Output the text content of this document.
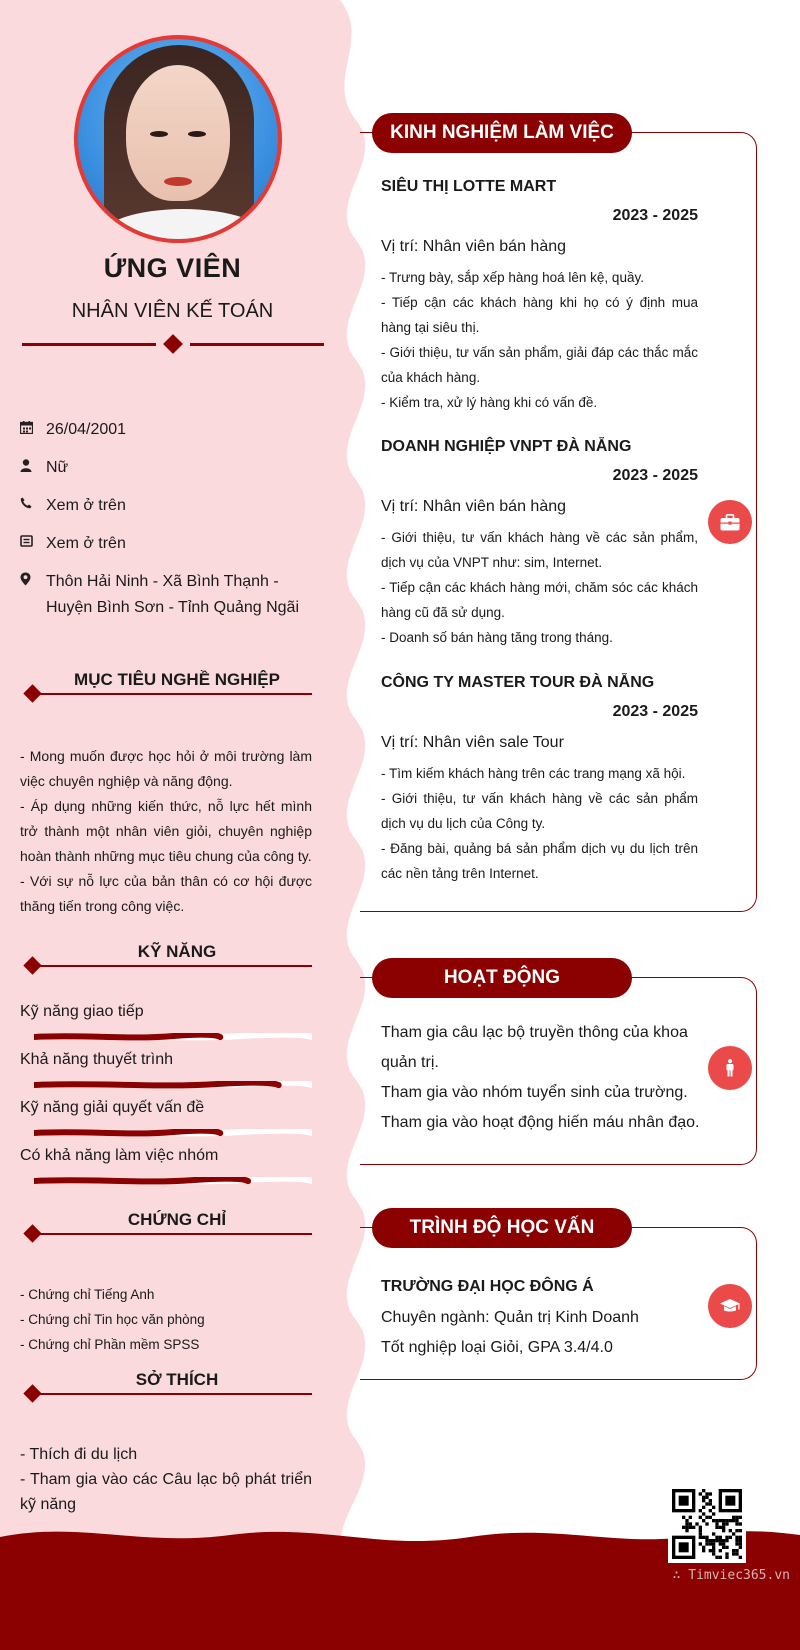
ỨNG VIÊN
NHÂN VIÊN KẾ TOÁN
26/04/2001
Nữ
Xem ở trên
Xem ở trên
Thôn Hải Ninh - Xã Bình Thạnh - Huyện Bình Sơn - Tỉnh Quảng Ngãi
MỤC TIÊU NGHỀ NGHIỆP
- Mong muốn được học hỏi ở môi trường làm việc chuyên nghiệp và năng động.
- Áp dụng những kiến thức, nỗ lực hết mình trở thành một nhân viên giỏi, chuyên nghiệp hoàn thành những mục tiêu chung của công ty.
- Với sự nỗ lực của bản thân có cơ hội được thăng tiến trong công việc.
KỸ NĂNG
Kỹ năng giao tiếp
Khả năng thuyết trình
Kỹ năng giải quyết vấn đề
Có khả năng làm việc nhóm
CHỨNG CHỈ
- Chứng chỉ Tiếng Anh
- Chứng chỉ Tin học văn phòng
- Chứng chỉ Phần mềm SPSS
SỞ THÍCH
- Thích đi du lịch
- Tham gia vào các Câu lạc bộ phát triển kỹ năng
KINH NGHIỆM LÀM VIỆC
SIÊU THỊ LOTTE MART
2023 - 2025
Vị trí: Nhân viên bán hàng
- Trưng bày, sắp xếp hàng hoá lên kệ, quầy.
- Tiếp cận các khách hàng khi họ có ý định mua hàng tại siêu thị.
- Giới thiệu, tư vấn sản phẩm, giải đáp các thắc mắc của khách hàng.
- Kiểm tra, xử lý hàng khi có vấn đề.
DOANH NGHIỆP VNPT ĐÀ NẴNG
2023 - 2025
Vị trí: Nhân viên bán hàng
- Giới thiệu, tư vấn khách hàng về các sản phẩm, dịch vụ của VNPT như: sim, Internet.
- Tiếp cận các khách hàng mới, chăm sóc các khách hàng cũ đã sử dụng.
- Doanh số bán hàng tăng trong tháng.
CÔNG TY MASTER TOUR ĐÀ NẴNG
2023 - 2025
Vị trí: Nhân viên sale Tour
- Tìm kiếm khách hàng trên các trang mạng xã hội.
- Giới thiệu, tư vấn khách hàng về các sản phẩm dịch vụ du lịch của Công ty.
- Đăng bài, quảng bá sản phẩm dịch vụ du lịch trên các nền tảng trên Internet.
HOẠT ĐỘNG
Tham gia câu lạc bộ truyền thông của khoa quản trị.
Tham gia vào nhóm tuyển sinh của trường.
Tham gia vào hoạt động hiến máu nhân đạo.
TRÌNH ĐỘ HỌC VẤN
TRƯỜNG ĐẠI HỌC ĐÔNG Á
Chuyên ngành: Quản trị Kinh Doanh
Tốt nghiệp loại Giỏi, GPA 3.4/4.0
∴ Timviec365.vn
